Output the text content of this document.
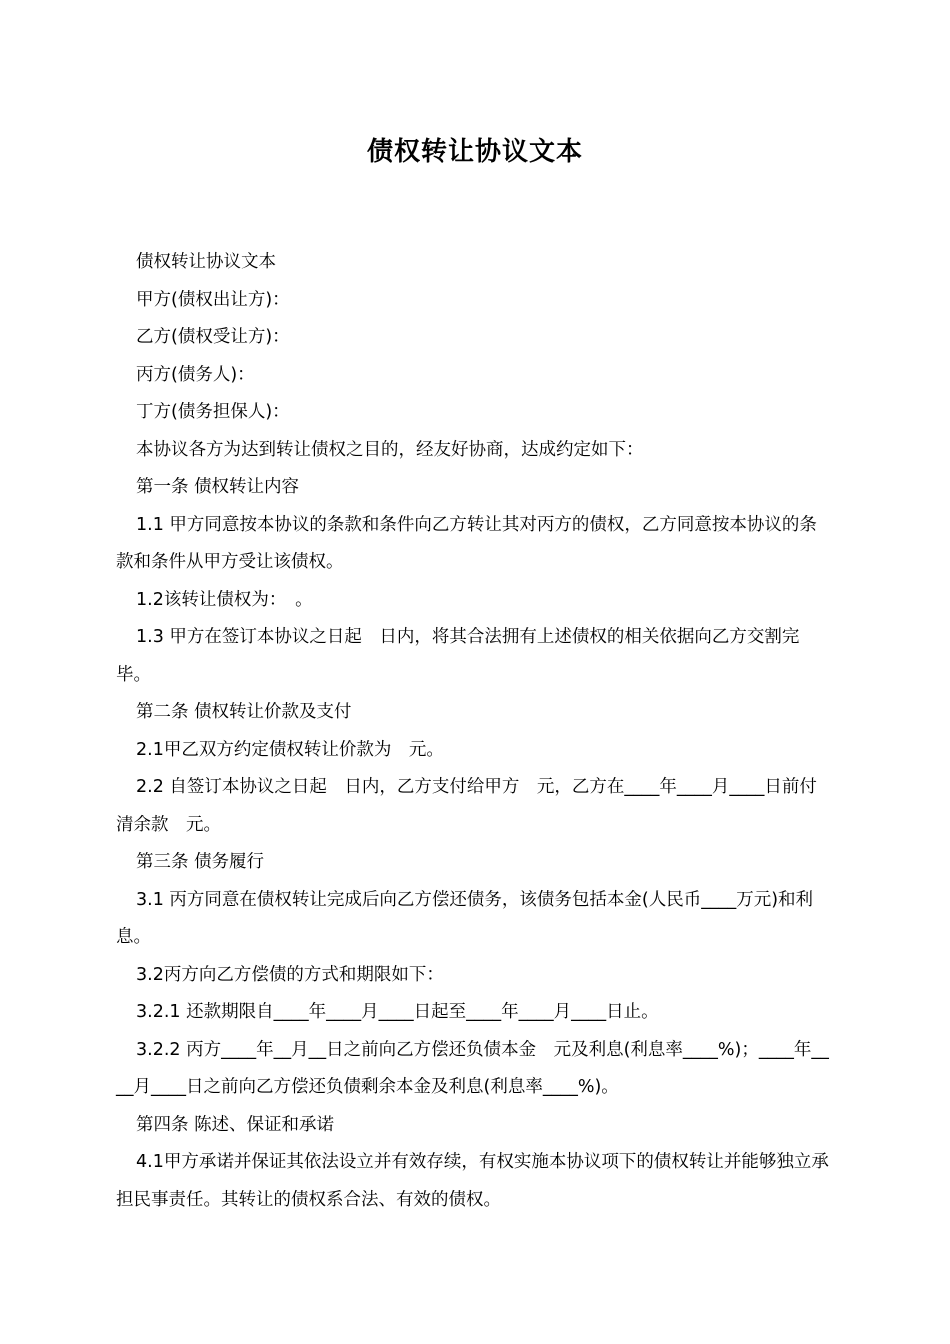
债权转让协议文本

债权转让协议文本

甲方(债权出让方)：

乙方(债权受让方)：

丙方(债务人)：

丁方(债务担保人)：

本协议各方为达到转让债权之目的，经友好协商，达成约定如下：

第一条 债权转让内容

1.1 甲方同意按本协议的条款和条件向乙方转让其对丙方的债权，乙方同意按本协议的条款和条件从甲方受让该债权。

1.2该转让债权为：　。

1.3 甲方在签订本协议之日起　日内，将其合法拥有上述债权的相关依据向乙方交割完毕。

第二条 债权转让价款及支付

2.1甲乙双方约定债权转让价款为　元。

2.2 自签订本协议之日起　日内，乙方支付给甲方　元，乙方在____年____月____日前付清余款　元。

第三条 债务履行

3.1 丙方同意在债权转让完成后向乙方偿还债务，该债务包括本金(人民币____万元)和利息。

3.2丙方向乙方偿债的方式和期限如下：

3.2.1 还款期限自____年____月____日起至____年____月____日止。

3.2.2 丙方____年__月__日之前向乙方偿还负债本金　元及利息(利息率____%)；____年____月____日之前向乙方偿还负债剩余本金及利息(利息率____%)。

第四条 陈述、保证和承诺

4.1甲方承诺并保证其依法设立并有效存续，有权实施本协议项下的债权转让并能够独立承担民事责任。其转让的债权系合法、有效的债权。
